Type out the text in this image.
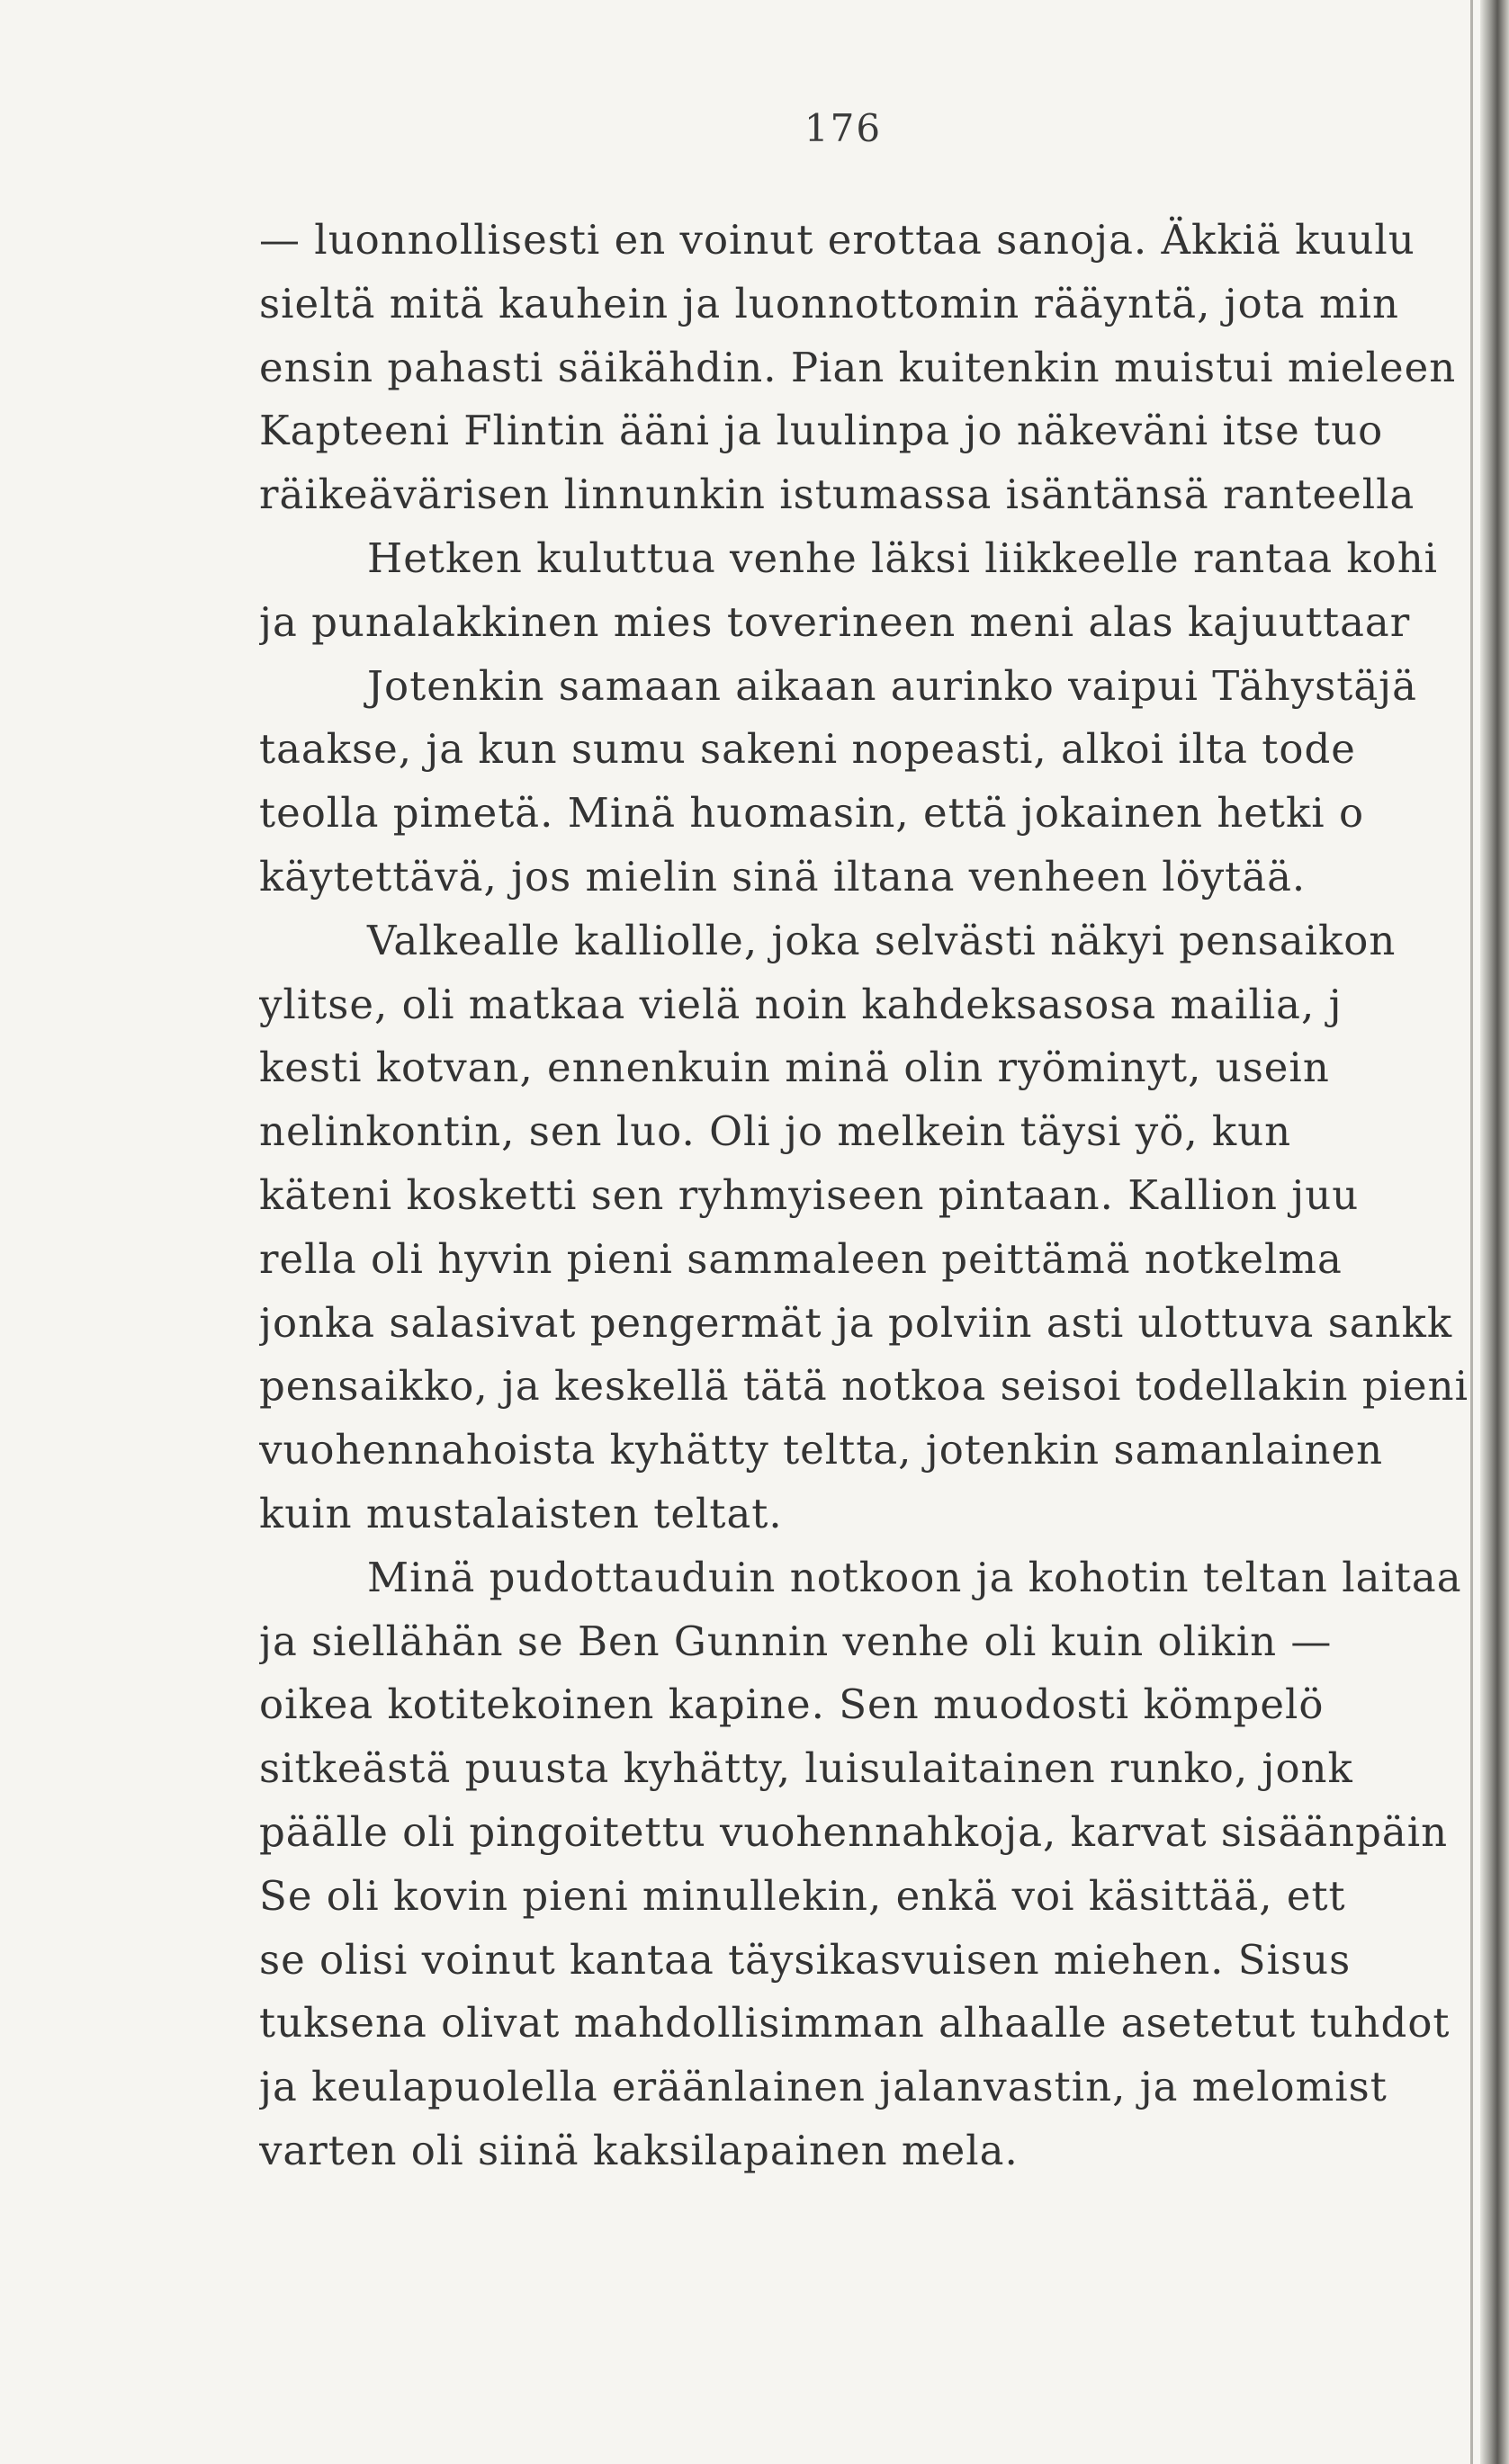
176
— luonnollisesti en voinut erottaa sanoja. Äkkiä kuulu
sieltä mitä kauhein ja luonnottomin rääyntä, jota min
ensin pahasti säikähdin. Pian kuitenkin muistui mieleen
Kapteeni Flintin ääni ja luulinpa jo näkeväni itse tuo
räikeävärisen linnunkin istumassa isäntänsä ranteella
Hetken kuluttua venhe läksi liikkeelle rantaa kohi
ja punalakkinen mies toverineen meni alas kajuuttaar
Jotenkin samaan aikaan aurinko vaipui Tähystäjä
taakse, ja kun sumu sakeni nopeasti, alkoi ilta tode
teolla pimetä. Minä huomasin, että jokainen hetki o
käytettävä, jos mielin sinä iltana venheen löytää.
Valkealle kalliolle, joka selvästi näkyi pensaikon
ylitse, oli matkaa vielä noin kahdeksasosa mailia, j
kesti kotvan, ennenkuin minä olin ryöminyt, usein
nelinkontin, sen luo. Oli jo melkein täysi yö, kun
käteni kosketti sen ryhmyiseen pintaan. Kallion juu
rella oli hyvin pieni sammaleen peittämä notkelma
jonka salasivat pengermät ja polviin asti ulottuva sankk
pensaikko, ja keskellä tätä notkoa seisoi todellakin pieni
vuohennahoista kyhätty teltta, jotenkin samanlainen
kuin mustalaisten teltat.
Minä pudottauduin notkoon ja kohotin teltan laitaa
ja siellähän se Ben Gunnin venhe oli kuin olikin —
oikea kotitekoinen kapine. Sen muodosti kömpelö
sitkeästä puusta kyhätty, luisulaitainen runko, jonk
päälle oli pingoitettu vuohennahkoja, karvat sisäänpäin
Se oli kovin pieni minullekin, enkä voi käsittää, ett
se olisi voinut kantaa täysikasvuisen miehen. Sisus
tuksena olivat mahdollisimman alhaalle asetetut tuhdot
ja keulapuolella eräänlainen jalanvastin, ja melomist
varten oli siinä kaksilapainen mela.
